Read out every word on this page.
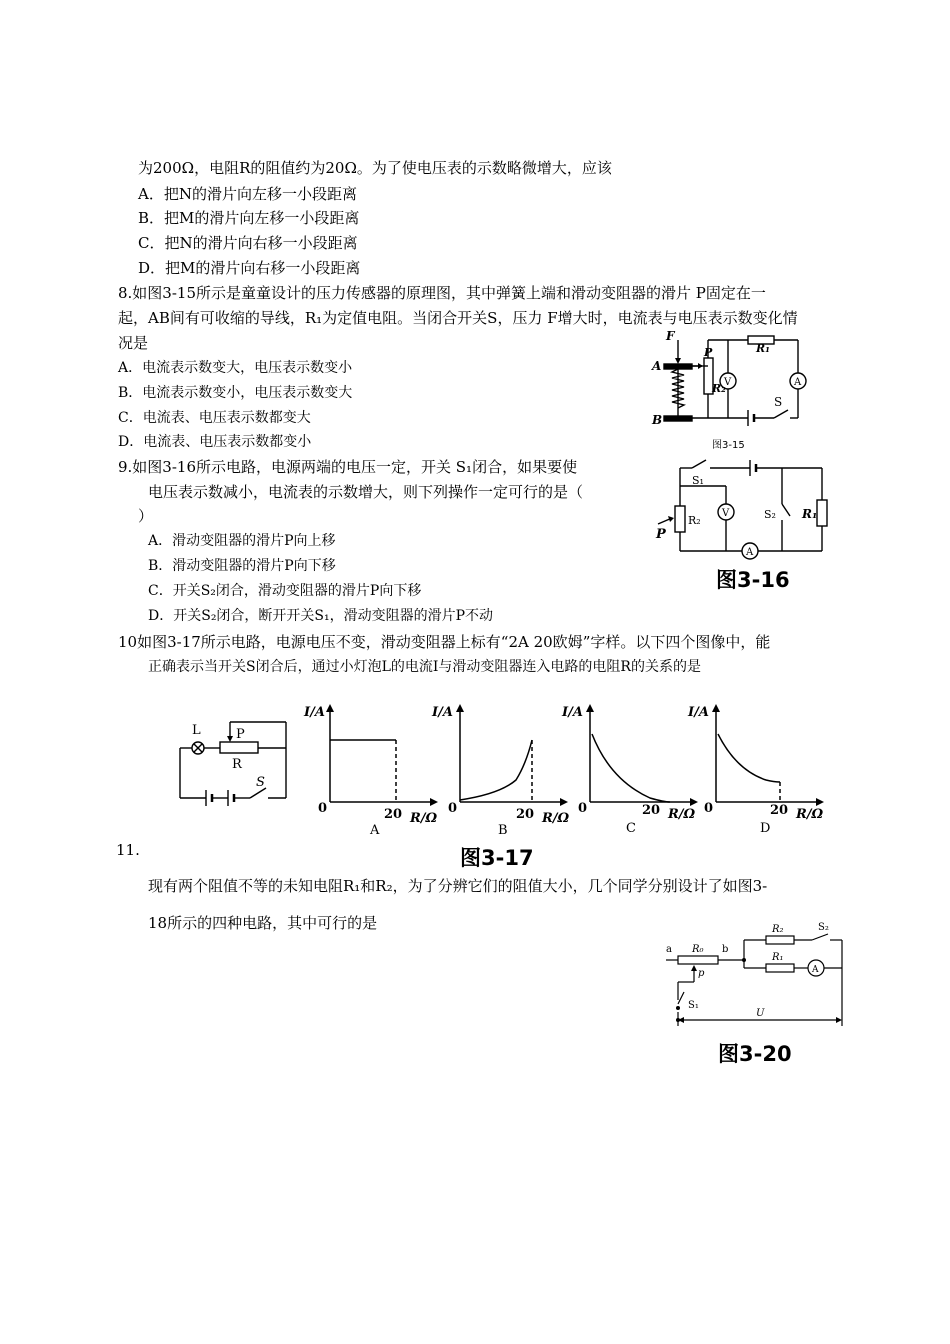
为200Ω，电阻R的阻值约为20Ω。为了使电压表的示数略微增大，应该
A．把N的滑片向左移一小段距离
B．把M的滑片向左移一小段距离
C．把N的滑片向右移一小段距离
D．把M的滑片向右移一小段距离
8.如图3-15所示是童童设计的压力传感器的原理图，其中弹簧上端和滑动变阻器的滑片 P固定在一
起，AB间有可收缩的导线，R₁为定值电阻。当闭合开关S，压力 F增大时，电流表与电压表示数变化情
况是
A．电流表示数变大，电压表示数变小
B．电流表示数变小，电压表示数变大
C．电流表、电压表示数都变大
D．电流表、电压表示数都变小
F
A
B
P
R₂
R₁
V	A
S
图3-15
9.如图3-16所示电路，电源两端的电压一定，开关 S₁闭合，如果要使
电压表示数减小，电流表的示数增大，则下列操作一定可行的是（
）
A．滑动变阻器的滑片P向上移
B．滑动变阻器的滑片P向下移
C．开关S₂闭合，滑动变阻器的滑片P向下移
D．开关S₂闭合，断开开关S₁，滑动变阻器的滑片P不动
S₁
P
R₂
V	S₂ R₁
A
图3-16
10如图3-17所示电路，电源电压不变，滑动变阻器上标有“2A 20欧姆”字样。以下四个图像中，能
正确表示当开关S闭合后，通过小灯泡L的电流I与滑动变阻器连入电路的电阻R的关系的是
L	P
R
S
I/A
0	20 R/Ω
A
I/A
0	20 R/Ω
B
I/A
0	20 R/Ω
C
I/A
0	20 R/Ω
D
图3-17
11.
现有两个阻值不等的未知电阻R₁和R₂，为了分辨它们的阻值大小，几个同学分别设计了如图3-
18所示的四种电路，其中可行的是
a R₀ b
p
R₂	S₂
R₁
A
S₁
U
图3-20
